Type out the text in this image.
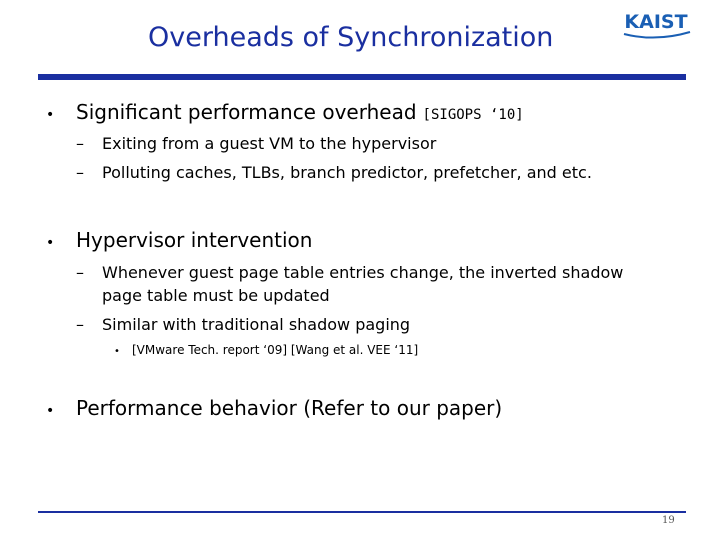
Overheads of Synchronization	KAIST
• Significant performance overhead [SIGOPS ‘10]
–	Exiting from a guest VM to the hypervisor
–	Polluting caches, TLBs, branch predictor, prefetcher, and etc.
• Hypervisor intervention
–	Whenever guest page table entries change, the inverted shadow
page table must be updated
–	Similar with traditional shadow paging
• [VMware Tech. report ‘09] [Wang et al. VEE ‘11]
• Performance behavior (Refer to our paper)
19
